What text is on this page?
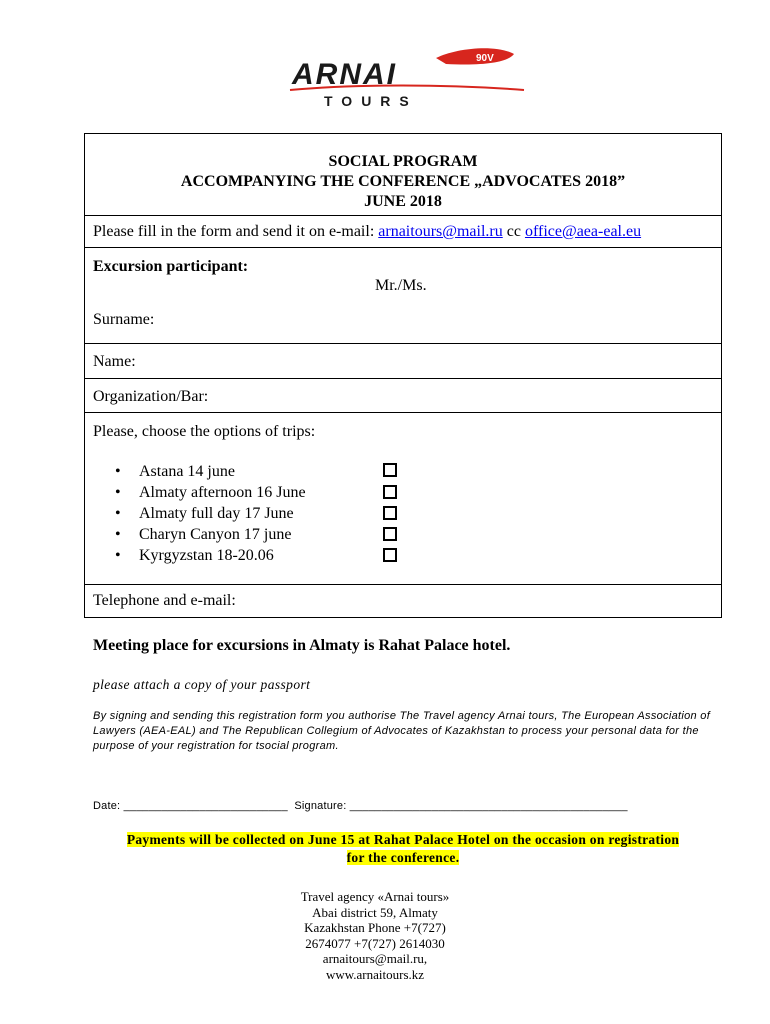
90V
ARNAI
TOURS
SOCIAL PROGRAM
ACCOMPANYING THE CONFERENCE „ADVOCATES 2018”
JUNE 2018
Please fill in the form and send it on e-mail: arnaitours@mail.ru cc office@aea-eal.eu
Excursion participant:
Mr./Ms.
Surname:
Name:
Organization/Bar:
Please, choose the options of trips:
• Astana 14 june
• Almaty afternoon 16 June
• Almaty full day 17 June
• Charyn Canyon 17 june
• Kyrgyzstan 18-20.06
Telephone and e-mail:
Meeting place for excursions in Almaty is Rahat Palace hotel.
please attach a copy of your passport
By signing and sending this registration form you authorise The Travel agency Arnai tours, The European Association of Lawyers (AEA-EAL) and The Republican Collegium of Advocates of Kazakhstan to process your personal data for the purpose of your registration for tsocial program.
Date: __________________________ Signature: ____________________________________________
Payments will be collected on June 15 at Rahat Palace Hotel on the occasion on registration
for the conference.
Travel agency «Arnai tours»
Abai district 59, Almaty
Kazakhstan Phone +7(727)
2674077 +7(727) 2614030
arnaitours@mail.ru,
www.arnaitours.kz
